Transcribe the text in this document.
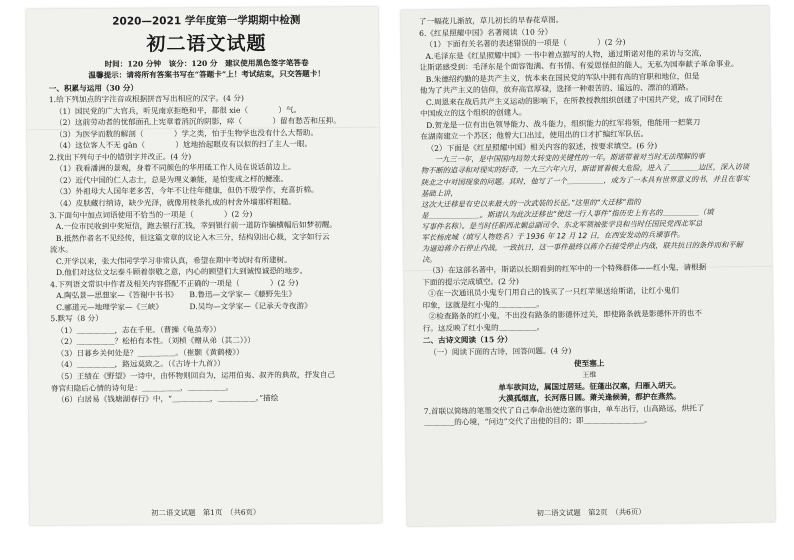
2020—2021 学年度第一学期期中检测
初二语文试题
时间：120 分钟　该分：120 分　建议使用黑色签字笔答卷
温馨提示：请将所有答案书写在“答题卡”上！考试结束，只交答题卡！
一、积累与运用（30 分）
1.给下列加点的字注音或根据拼音写出相应的汉字。(4 分)
（1）国民党的广大官兵，听见南京拒绝和平，都很 xie（　　　　）气。
（2）这前劳动者的忧郁面孔上宪章着消沉的阴影，瘁（　　　　）留有愁苦和压抑。
（3）为医学而数的解剖（　　　　）学之类，怕于生物学也没有什么大帮助。
（4）这位客人不无 gān（　　　　）尬地抬起眼皮有以似的扫了主人一眼。
2.找出下列句子中的错别字并改正。(4 分)
（1）我看潘洲的景观，身着不同颜色的华用砥工作人员在说话前边上。
（2）近代中国的仁人志士，总是为理义兼能，是怕变成之样的鳃涨。
（3）外祖母大人国年老多苦，今年不让往年健康，但仍不殷学作，充喜折棉。
（4）皮肤藏行纳诗，缺少光泽，就像用枝条扎成的村舍外墙那样粗糙。
3.下面句中加点词语使用不恰当的一项是（　　　　）(2 分)
A.一位市民收到中奖短信，跑去银行汇钱，幸到银行前一道防诈骗横幅后如梦初醒。
B.抵然作者名不见经传，但这篇文章的议论入木三分，结构别出心裁，文字如行云
流水。
C.开学以来，张大伟同学学习非常认真，希望在期中考试时有所建树。
D.他们对这位文坛泰斗顾着崇敬之意，内心的顾望们大到诚惶诚恐的地步。
4.下列语文常识中作者及相关内容搭配不正确的一项是（　　　　）(2 分)
A.陶弘景—思想家—《答谢中书书》　　B.鲁迅—文学家—《藤野先生》
C.郦道元—地理学家—《三峡》　　　　D.吴均—文学家—《记承天寺夜游》
5.默写（8 分）
（1）＿＿＿＿＿，志在千里。（曹操《龟虽寿》）
（2）＿＿＿＿＿？松柏有本性。（刘桢《赠从弟（其二）》）
（3）日暮乡关何处是？＿＿＿＿＿。（崔颢《黄鹤楼》）
（4）＿＿＿＿＿，路远莫致之。（《古诗十九首》）
（5）王绩在《野望》一诗中，由怀物则回自为，运用伯夷、叔齐的典故，抒发自己
脊官归隐后心情的诗句是：＿＿＿＿＿，＿＿＿＿＿。
（6）白居易《钱塘湖春行》中，“＿＿＿＿＿，＿＿＿＿＿。”描绘
初二语文试题　第1页　（共6页）
了一幅花儿渐放，草儿初长的早春花草图。
6.《红星照耀中国》名著阅读（10 分）
（1）下面有关名著的表述错误的一项是（　　　　）(2 分)
A.毛泽东是《红星照耀中国》一书中着点描写的人物，通过斯诺对他的采访与交流，
让斯诺感受到：毛泽东是个面容饱满、有书情、有爱恩怪但的能人，无私为国奉献子革命事业。
B.朱德绍约勤的是共产主义，恍本来在国民党的军队中拥有高的官职和地位，但是
他为了共产主义的信仰，放弃高官厚禄，选择一种艰苦的、遥远的、漂泊的道路。
C.周恩来在战后共产主义运动的影响下，在所教授教组织创建了中国共产党，成了同时在
中国成立的这个组织的创建人。
D.贺龙是一位有出色领导能力、战斗能力，组织能力的红军将领，他能用一把菜刀
在湖南建立一个苏区；他曾大口出过，使用出的口才扩编红军队伍。
（2）下面是《红星照耀中国》相关内容的叙述，按要求填空。(6 分)
一九三一年，是中国国内局势大转变的关键性的一年。斯诺带着对当时无法理解的事
物不断的追寻和对现实的好奇，一九三六年六月，斯诺冒着极大危险，进入了＿＿＿＿边区，深入访谈
陕北之中对国现象的问题。其时，他写了一个＿＿＿＿＿，成为了一本具有世界意义的书，并且在事实基础上讲，
这次大迁移是有史以来最大的一次武装的长征。”这里的“大迁移”指的
是＿＿＿＿＿＿＿。斯诺认为此次迁移也“使这一行人事件”指历史上有名的＿＿＿＿＿（填
写事件名称）。是当时任职西北剿总副司令、东北军领袖张学良和当时任国民党西北军总
军长杨虎城（填写人物姓名）于 1936 年 12 月 12 日，在西安发动的兵谏事件。
为逼迫蒋介石停止内战，一致抗日，这一事件最终以蒋介石接受停止内战，联共抗日的条件而和平解决。
（3）在这部名著中，斯诺以长期看到的红军中的一个特殊群体——红小鬼，请根据
下面的提示完成填空。(2 分)
①在一次通讯员小鬼专门用自己的钱买了一只红苹果送给斯诺，让红小鬼们
印象，这就是红小鬼的＿＿＿＿＿。
②检查路条的红小鬼，不出没有路条的影德怀过关，即使路条就是影德怀开的也不
行。这反映了红小鬼的＿＿＿＿＿。
二、古诗文阅读（15 分）
（一）阅读下面的古诗，回答问题。(4 分)
使至塞上
王维
单车欲问边，属国过居延。征蓬出汉塞，归雁入胡天。
大漠孤烟直，长河落日圆。萧关逢候骑，都护在燕然。
7.首联以简练的笔墨交代了自己奉命出使边塞的事由，单车出行，山高路远，烘托了
＿＿＿＿的心境，“问边”交代了出使的目的；即＿＿＿＿＿＿＿＿。
初二语文试题　第2页　（共6页）
